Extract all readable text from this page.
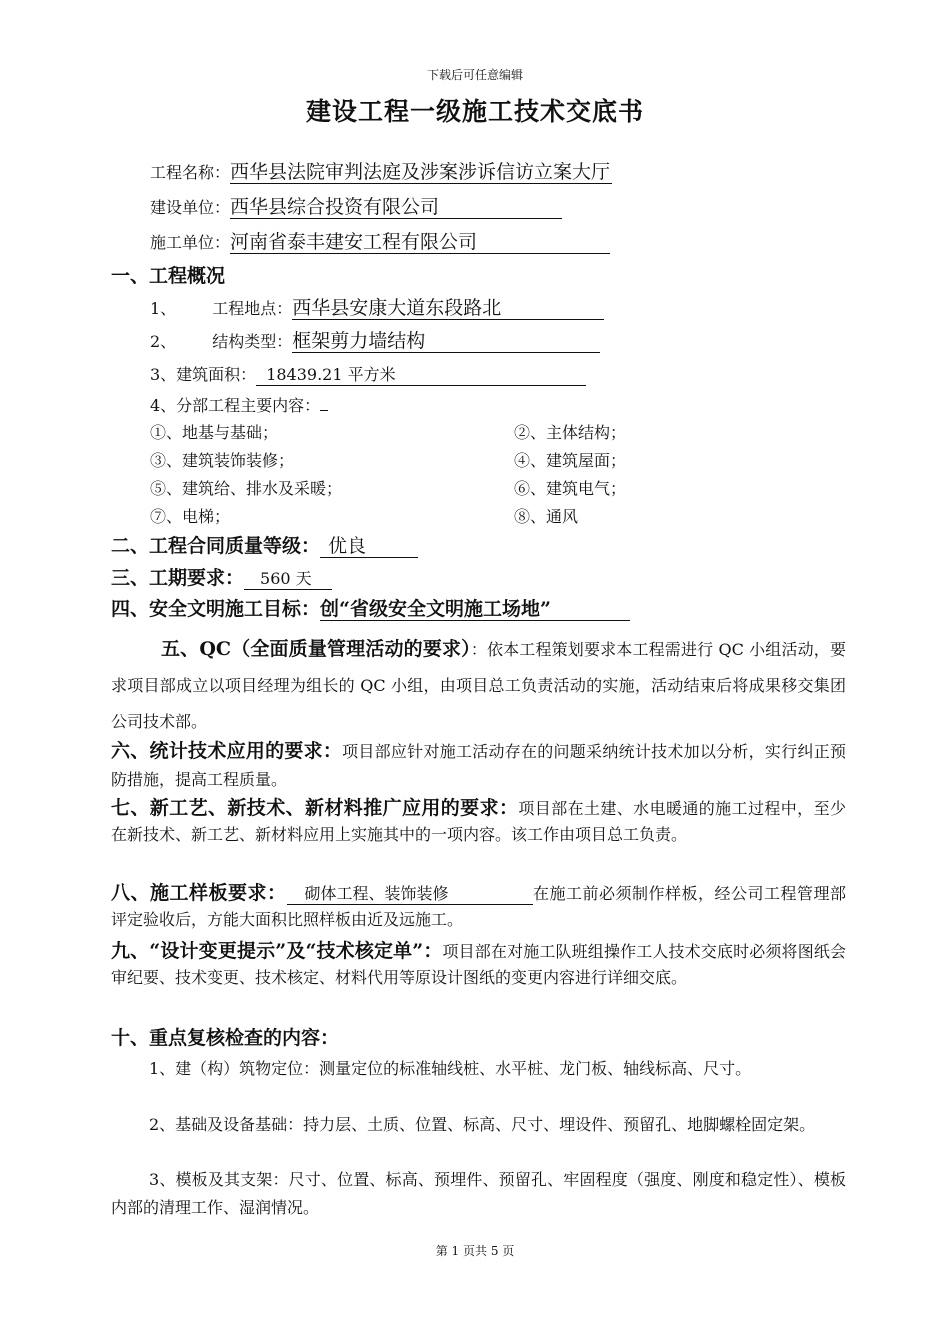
下载后可任意编辑
建设工程一级施工技术交底书
工程名称：西华县法院审判法庭及涉案涉诉信访立案大厅
建设单位：西华县综合投资有限公司
施工单位：河南省泰丰建安工程有限公司
一、工程概况
1、 工程地点：西华县安康大道东段路北
2、 结构类型：框架剪力墙结构
3、建筑面积： 18439.21 平方米
4、分部工程主要内容：
①、地基与基础；	②、主体结构；
③、建筑装饰装修；	④、建筑屋面；
⑤、建筑给、排水及采暖；	⑥、建筑电气；
⑦、电梯；	⑧、通风
二、工程合同质量等级： 优良
三、工期要求： 560 天
四、安全文明施工目标：创“省级安全文明施工场地”
五、QC（全面质量管理活动的要求）：依本工程策划要求本工程需进行 QC 小组活动，要求项目部成立以项目经理为组长的 QC 小组，由项目总工负责活动的实施，活动结束后将成果移交集团公司技术部。
六、统计技术应用的要求：项目部应针对施工活动存在的问题采纳统计技术加以分析，实行纠正预防措施，提高工程质量。
七、新工艺、新技术、新材料推广应用的要求：项目部在土建、水电暖通的施工过程中，至少在新技术、新工艺、新材料应用上实施其中的一项内容。该工作由项目总工负责。
八、施工样板要求： 砌体工程、装饰装修	在施工前必须制作样板，经公司工程管理部评定验收后，方能大面积比照样板由近及远施工。
九、“设计变更提示”及“技术核定单”：项目部在对施工队班组操作工人技术交底时必须将图纸会审纪要、技术变更、技术核定、材料代用等原设计图纸的变更内容进行详细交底。
十、重点复核检查的内容：
1、建（构）筑物定位：测量定位的标准轴线桩、水平桩、龙门板、轴线标高、尺寸。
2、基础及设备基础：持力层、土质、位置、标高、尺寸、埋设件、预留孔、地脚螺栓固定架。
3、模板及其支架：尺寸、位置、标高、预埋件、预留孔、牢固程度（强度、刚度和稳定性）、模板内部的清理工作、湿润情况。
第 1 页共 5 页
